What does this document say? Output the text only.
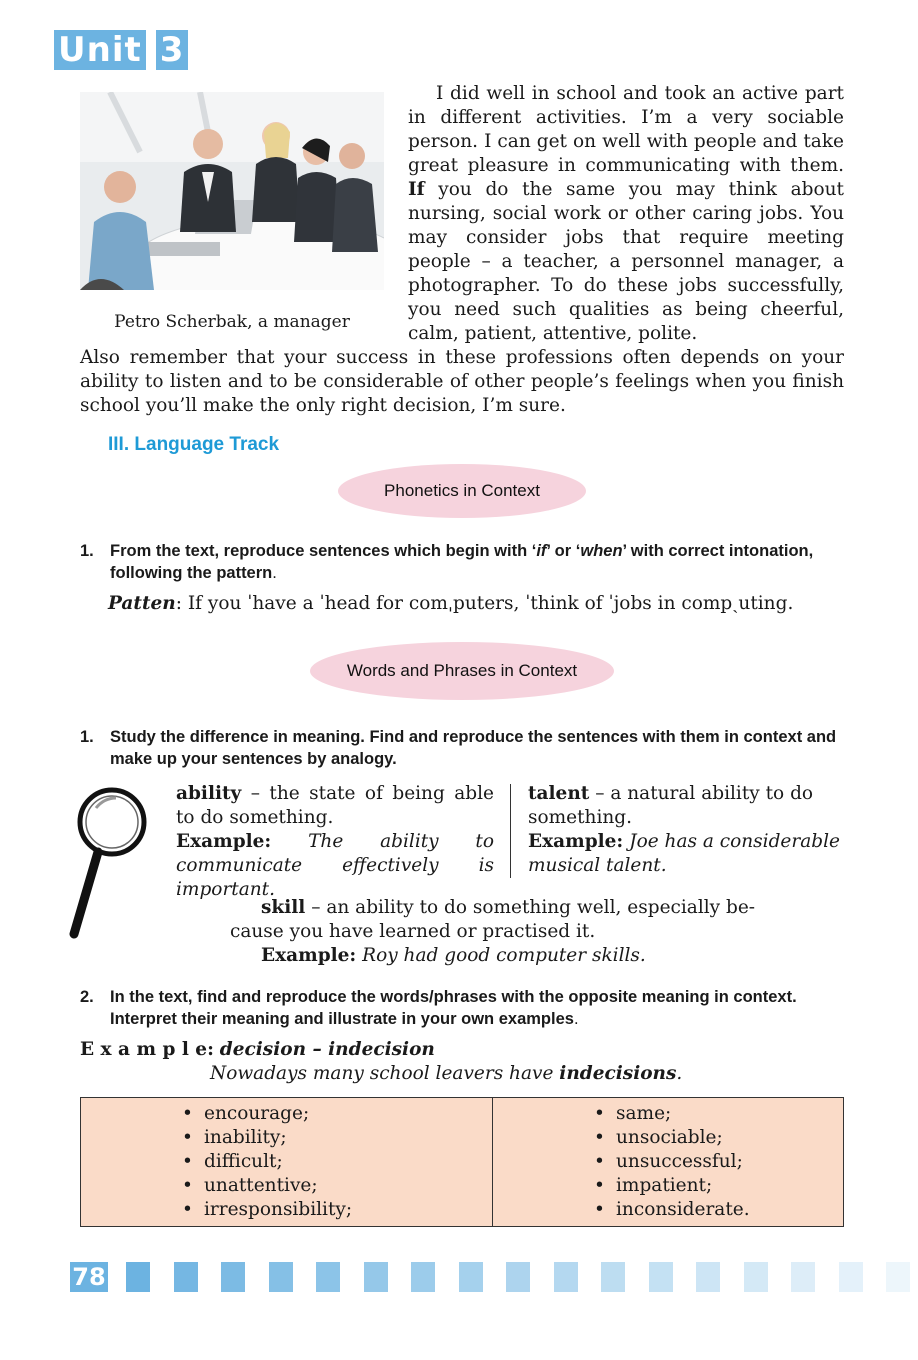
Unit 3
Petro Scherbak, a manager
I did well in school and took an active part in different activities. I’m a very sociable person. I can get on well with people and take great pleasure in communicating with them. If you do the same you may think about nursing, social work or other caring jobs. You may consider jobs that require meeting people – a teacher, a personnel manager, a photographer. To do these jobs successfully, you need such qualities as being cheerful, calm, patient, attentive, polite.
Also remember that your success in these professions often depends on your ability to listen and to be considerable of other people’s feelings when you finish school you’ll make the only right decision, I’m sure.
III. Language Track
Phonetics in Context
1. From the text, reproduce sentences which begin with ‘if’ or ‘when’ with correct intonation, following the pattern.
Patten: If you ˈhave a ˈhead for comˌputers, ˈthink of ˈjobs in compˎuting.
Words and Phrases in Context
1. Study the difference in meaning. Find and reproduce the sentences with them in context and make up your sentences by analogy.
ability – the state of being able to do something.
Example: The ability to communicate effectively is important.
talent – a natural ability to do something.
Example: Joe has a considerable musical talent.
skill – an ability to do something well, especially be-
cause you have learned or practised it.
Example: Roy had good computer skills.
2. In the text, find and reproduce the words/phrases with the opposite meaning in context. Interpret their meaning and illustrate in your own examples.
E x a m p l e: decision – indecision
Nowadays many school leavers have indecisions.
• encourage;
• inability;
• difficult;
• unattentive;
• irresponsibility;
• same;
• unsociable;
• unsuccessful;
• impatient;
• inconsiderate.
78
